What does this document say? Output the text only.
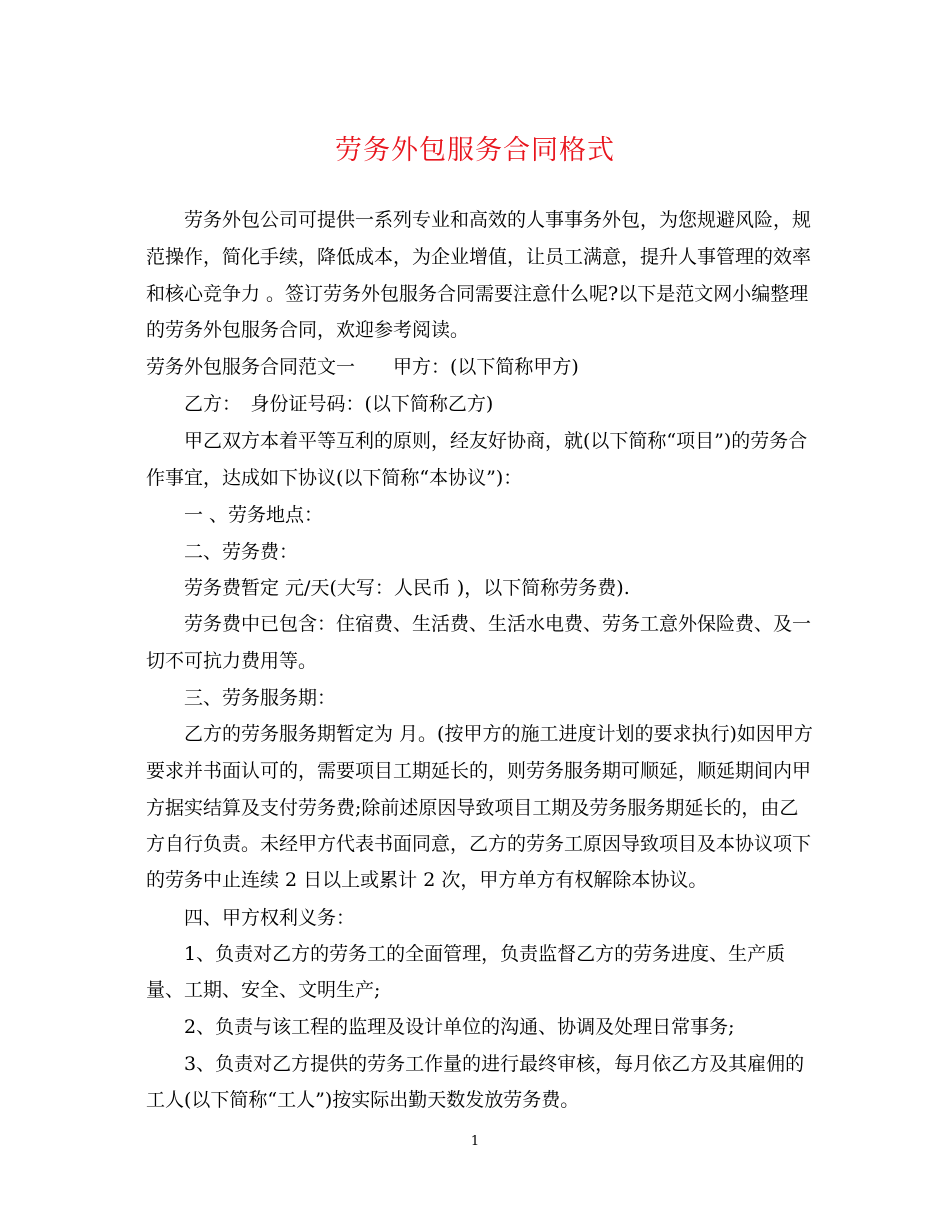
劳务外包服务合同格式
劳务外包公司可提供一系列专业和高效的人事事务外包，为您规避风险，规
范操作，简化手续，降低成本，为企业增值，让员工满意，提升人事管理的效率
和核心竞争力 。签订劳务外包服务合同需要注意什么呢?以下是范文网小编整理
的劳务外包服务合同，欢迎参考阅读。
劳务外包服务合同范文一　　甲方：(以下简称甲方)
乙方：　身份证号码：(以下简称乙方)
甲乙双方本着平等互利的原则，经友好协商，就(以下简称“项目”)的劳务合
作事宜，达成如下协议(以下简称“本协议”)：
一 、劳务地点：
二、劳务费：
劳务费暂定 元/天(大写：人民币 )，以下简称劳务费).
劳务费中已包含：住宿费、生活费、生活水电费、劳务工意外保险费、及一
切不可抗力费用等。
三、劳务服务期：
乙方的劳务服务期暂定为 月。(按甲方的施工进度计划的要求执行)如因甲方
要求并书面认可的，需要项目工期延长的，则劳务服务期可顺延，顺延期间内甲
方据实结算及支付劳务费;除前述原因导致项目工期及劳务服务期延长的，由乙
方自行负责。未经甲方代表书面同意，乙方的劳务工原因导致项目及本协议项下
的劳务中止连续 2 日以上或累计 2 次，甲方单方有权解除本协议。
四、甲方权利义务：
1、负责对乙方的劳务工的全面管理，负责监督乙方的劳务进度、生产质
量、工期、安全、文明生产;
2、负责与该工程的监理及设计单位的沟通、协调及处理日常事务;
3、负责对乙方提供的劳务工作量的进行最终审核，每月依乙方及其雇佣的
工人(以下简称“工人”)按实际出勤天数发放劳务费。
1
